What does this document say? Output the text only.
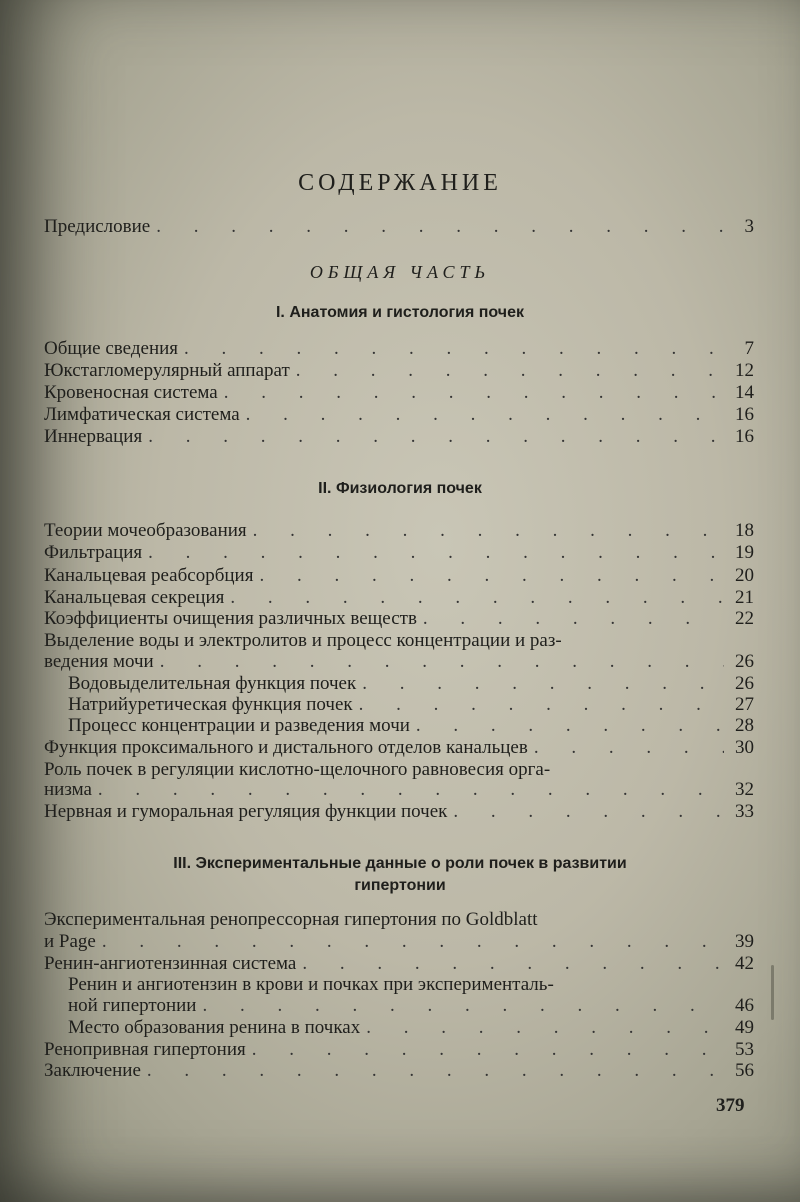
СОДЕРЖАНИЕ
Предисловие . . .	3
ОБЩАЯ ЧАСТЬ
I. Анатомия и гистология почек
Общие сведения . . .	7
Юкстагломерулярный аппарат . . .	12
Кровеносная система . . .	14
Лимфатическая система . . .	16
Иннервация . . .	16
II. Физиология почек
Теории мочеобразования . . .	18
Фильтрация . . .	19
Канальцевая реабсорбция . . .	20
Канальцевая секреция . . .	21
Коэффициенты очищения различных веществ . . .	22
Выделение воды и электролитов и процесс концентрации и раз-
ведения мочи . . .	26
Водовыделительная функция почек . . .	26
Натрийуретическая функция почек . . .	27
Процесс концентрации и разведения мочи . . .	28
Функция проксимального и дистального отделов канальцев . . .	30
Роль почек в регуляции кислотно-щелочного равновесия орга-
низма . . .	32
Нервная и гуморальная регуляция функции почек . . .	33
III. Экспериментальные данные о роли почек в развитии
гипертонии
Экспериментальная ренопрессорная гипертония по Goldblatt
и Page . . .	39
Ренин-ангиотензинная система . . .	42
Ренин и ангиотензин в крови и почках при эксперименталь-
ной гипертонии . . .	46
Место образования ренина в почках . . .	49
Ренопривная гипертония . . .	53
Заключение . . .	56
379
